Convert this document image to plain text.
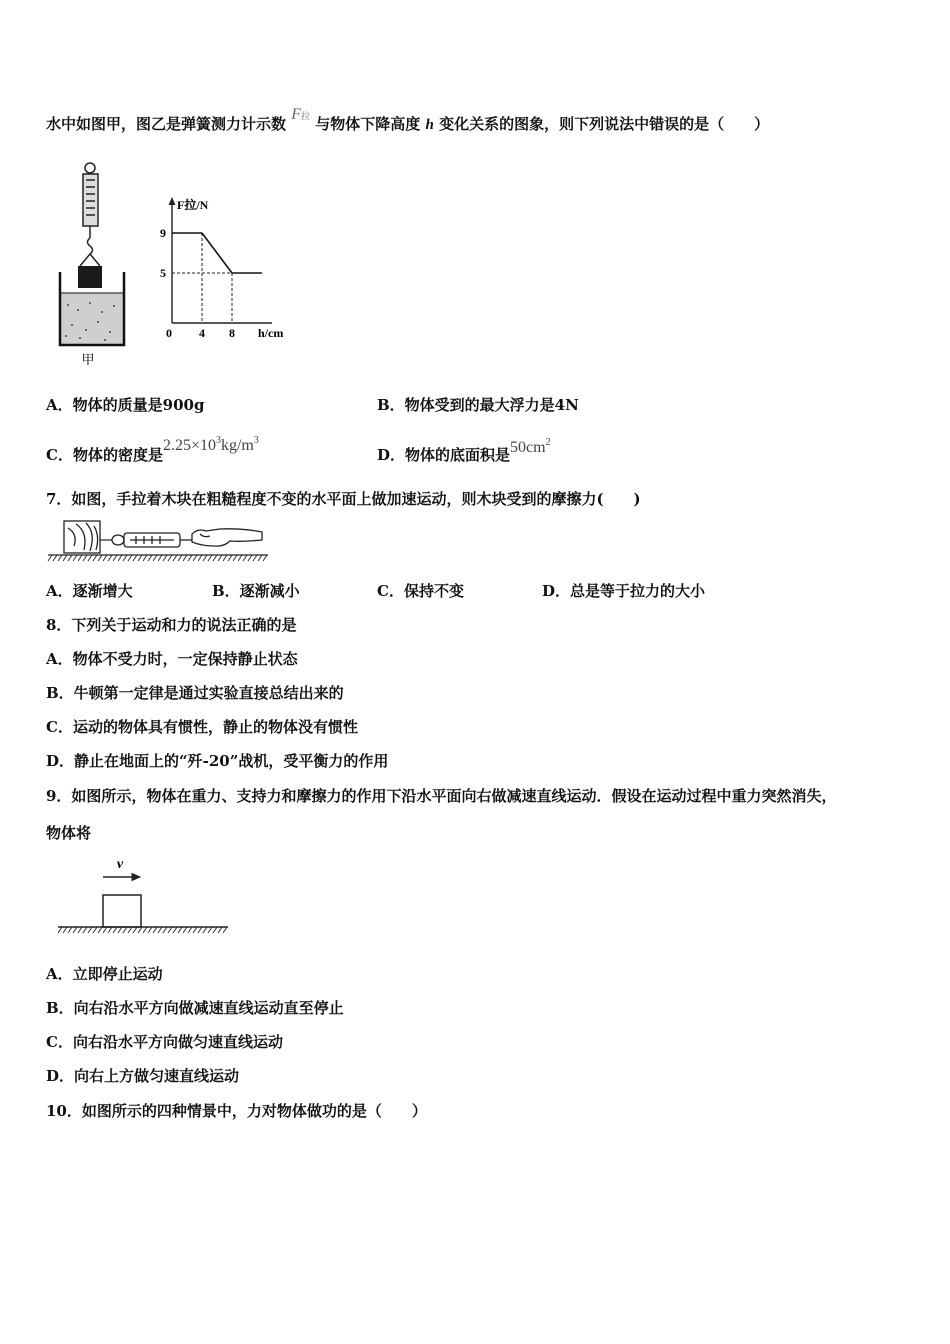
水中如图甲，图乙是弹簧测力计示数 F拉 与物体下降高度 h 变化关系的图象，则下列说法中错误的是（　　）
甲
F拉/N
h/cm
0
9
5
4 8
A．物体的质量是900g	B．物体受到的最大浮力是4N
C．物体的密度是$2.25\times 10^3kg/m^3$
D．物体的底面积是$50cm^2$
7．如图，手拉着木块在粗糙程度不变的水平面上做加速运动，则木块受到的摩擦力(　　)
A．逐渐增大	B．逐渐减小	C．保持不变	D．总是等于拉力的大小
8．下列关于运动和力的说法正确的是
A．物体不受力时，一定保持静止状态
B．牛顿第一定律是通过实验直接总结出来的
C．运动的物体具有惯性，静止的物体没有惯性
D．静止在地面上的“歼-20”战机，受平衡力的作用
9．如图所示，物体在重力、支持力和摩擦力的作用下沿水平面向右做减速直线运动．假设在运动过程中重力突然消失，
物体将
v
A．立即停止运动
B．向右沿水平方向做减速直线运动直至停止
C．向右沿水平方向做匀速直线运动
D．向右上方做匀速直线运动
10．如图所示的四种情景中，力对物体做功的是（　　）
